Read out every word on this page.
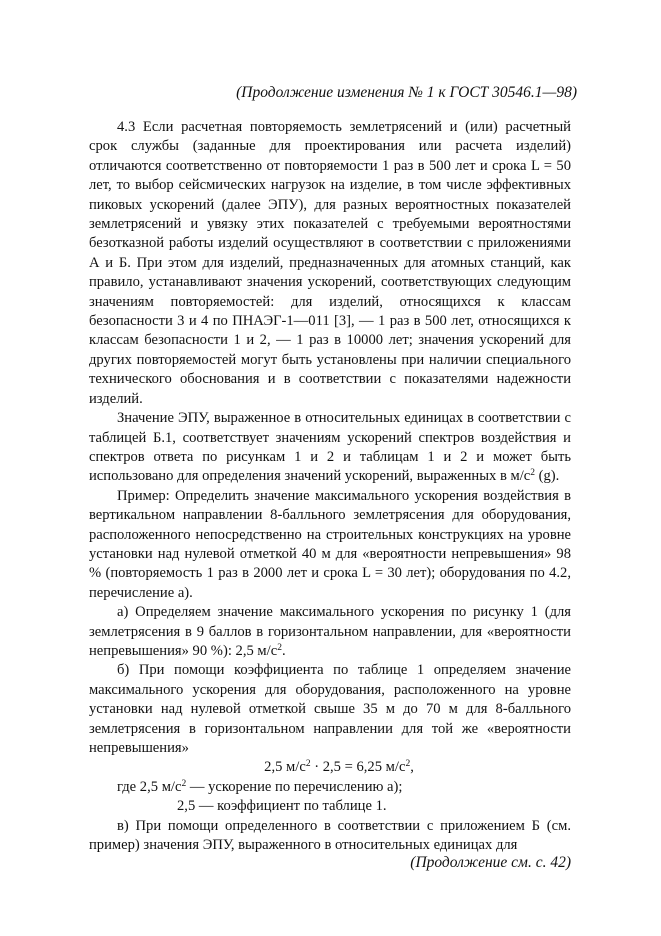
(Продолжение изменения № 1 к ГОСТ 30546.1—98)

4.3 Если расчетная повторяемость землетрясений и (или) расчетный срок службы (заданные для проектирования или расчета изделий) отличаются соответственно от повторяемости 1 раз в 500 лет и срока L = 50 лет, то выбор сейсмических нагрузок на изделие, в том числе эффективных пиковых ускорений (далее ЭПУ), для разных вероятностных показателей землетрясений и увязку этих показателей с требуемыми вероятностями безотказной работы изделий осуществляют в соответствии с приложениями А и Б. При этом для изделий, предназначенных для атомных станций, как правило, устанавливают значения ускорений, соответствующих следующим значениям повторяемостей: для изделий, относящихся к классам безопасности 3 и 4 по ПНАЭГ-1—011 [3], — 1 раз в 500 лет, относящихся к классам безопасности 1 и 2, — 1 раз в 10000 лет; значения ускорений для других повторяемостей могут быть установлены при наличии специального технического обоснования и в соответствии с показателями надежности изделий.

Значение ЭПУ, выраженное в относительных единицах в соответствии с таблицей Б.1, соответствует значениям ускорений спектров воздействия и спектров ответа по рисункам 1 и 2 и таблицам 1 и 2 и может быть использовано для определения значений ускорений, выраженных в $м/с^2$ (g).

Пример: Определить значение максимального ускорения воздействия в вертикальном направлении 8-балльного землетрясения для оборудования, расположенного непосредственно на строительных конструкциях на уровне установки над нулевой отметкой 40 м для «вероятности непревышения» 98 % (повторяемость 1 раз в 2000 лет и срока L = 30 лет); оборудования по 4.2, перечисление а).

а) Определяем значение максимального ускорения по рисунку 1 (для землетрясения в 9 баллов в горизонтальном направлении, для «вероятности непревышения» 90 %): 2,5 $м/с^2$.

б) При помощи коэффициента по таблице 1 определяем значение максимального ускорения для оборудования, расположенного на уровне установки над нулевой отметкой свыше 35 м до 70 м для 8-балльного землетрясения в горизонтальном направлении для той же «вероятности непревышения»

2,5 $м/с^2 \cdot 2,5 = 6,25$ $м/с^2$,

где 2,5 $м/с^2$ — ускорение по перечислению а);

2,5 — коэффициент по таблице 1.

в) При помощи определенного в соответствии с приложением Б (см. пример) значения ЭПУ, выраженного в относительных единицах для

(Продолжение см. с. 42)
